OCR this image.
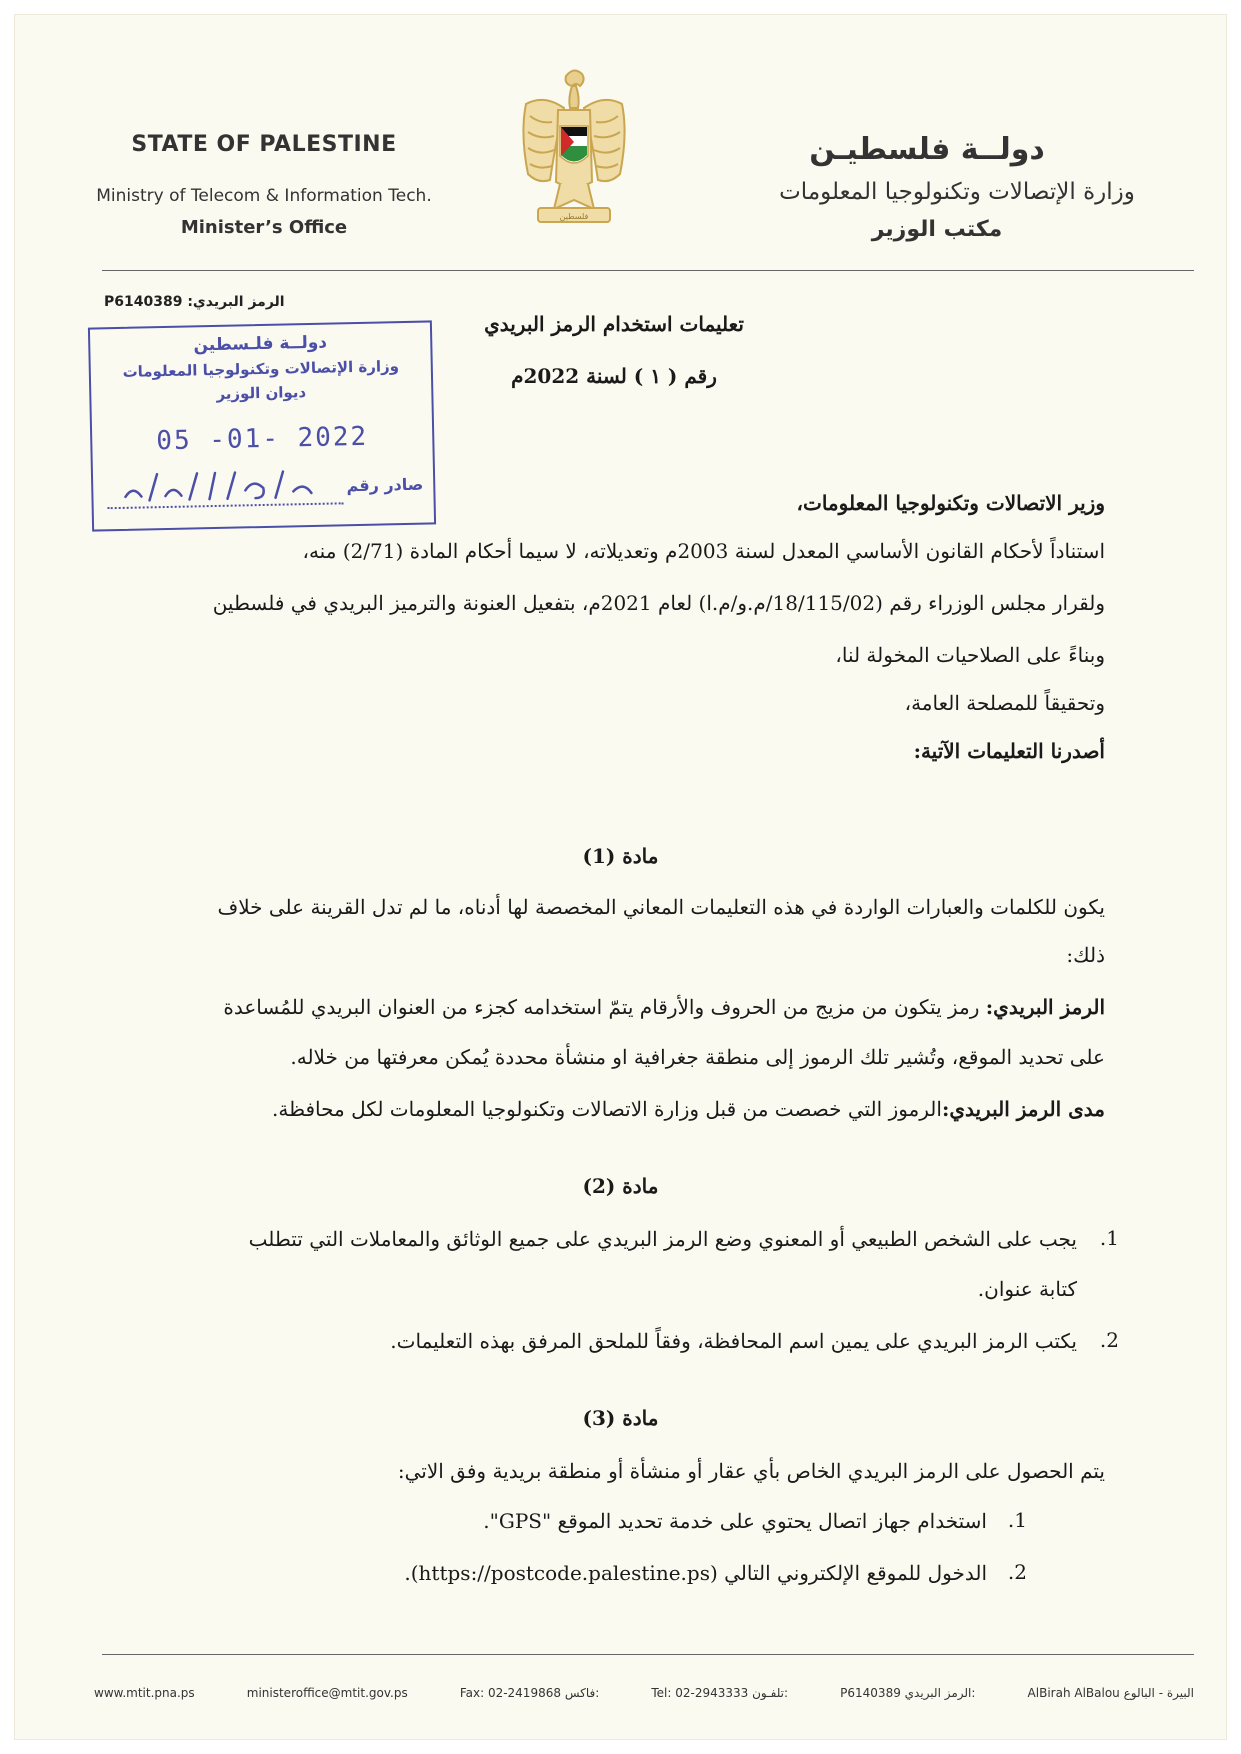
STATE OF PALESTINE
Ministry of Telecom & Information Tech.
Minister’s Office
فلسطين
دولــة فلسطيـن
وزارة الإتصالات وتكنولوجيا المعلومات
مكتب الوزير
الرمز البريدي: P6140389
دولــة فلـسطين
وزارة الإتصالات وتكنولوجيا المعلومات
ديوان الوزير
05 -01- 2022
صادر رقم
تعليمات استخدام الرمز البريدي
رقم ( ١ ) لسنة 2022م
وزير الاتصالات وتكنولوجيا المعلومات،
استناداً لأحكام القانون الأساسي المعدل لسنة 2003م وتعديلاته، لا سيما أحكام المادة (2/71) منه،
ولقرار مجلس الوزراء رقم (18/115/02/م.و/م.ا) لعام 2021م، بتفعيل العنونة والترميز البريدي في فلسطين
وبناءً على الصلاحيات المخولة لنا،
وتحقيقاً للمصلحة العامة،
أصدرنا التعليمات الآتية:
مادة (1)
يكون للكلمات والعبارات الواردة في هذه التعليمات المعاني المخصصة لها أدناه، ما لم تدل القرينة على خلاف
ذلك:
الرمز البريدي: رمز يتكون من مزيج من الحروف والأرقام يتمّ استخدامه كجزء من العنوان البريدي للمُساعدة
على تحديد الموقع، وتُشير تلك الرموز إلى منطقة جغرافية او منشأة محددة يُمكن معرفتها من خلاله.
مدى الرمز البريدي:الرموز التي خصصت من قبل وزارة الاتصالات وتكنولوجيا المعلومات لكل محافظة.
مادة (2)
1.
يجب على الشخص الطبيعي أو المعنوي وضع الرمز البريدي على جميع الوثائق والمعاملات التي تتطلب
كتابة عنوان.
2.
يكتب الرمز البريدي على يمين اسم المحافظة، وفقاً للملحق المرفق بهذه التعليمات.
مادة (3)
يتم الحصول على الرمز البريدي الخاص بأي عقار أو منشأة أو منطقة بريدية وفق الاتي:
1.
استخدام جهاز اتصال يحتوي على خدمة تحديد الموقع "GPS".
2.
الدخول للموقع الإلكتروني التالي (https://postcode.palestine.ps).
www.mtit.pna.ps	ministeroffice@mtit.gov.ps	Fax: 02-2419868 فاكس:	Tel: 02-2943333 تلفـون:	P6140389 الرمز البريدي:	AlBirah AlBalou البيرة - البالوع
